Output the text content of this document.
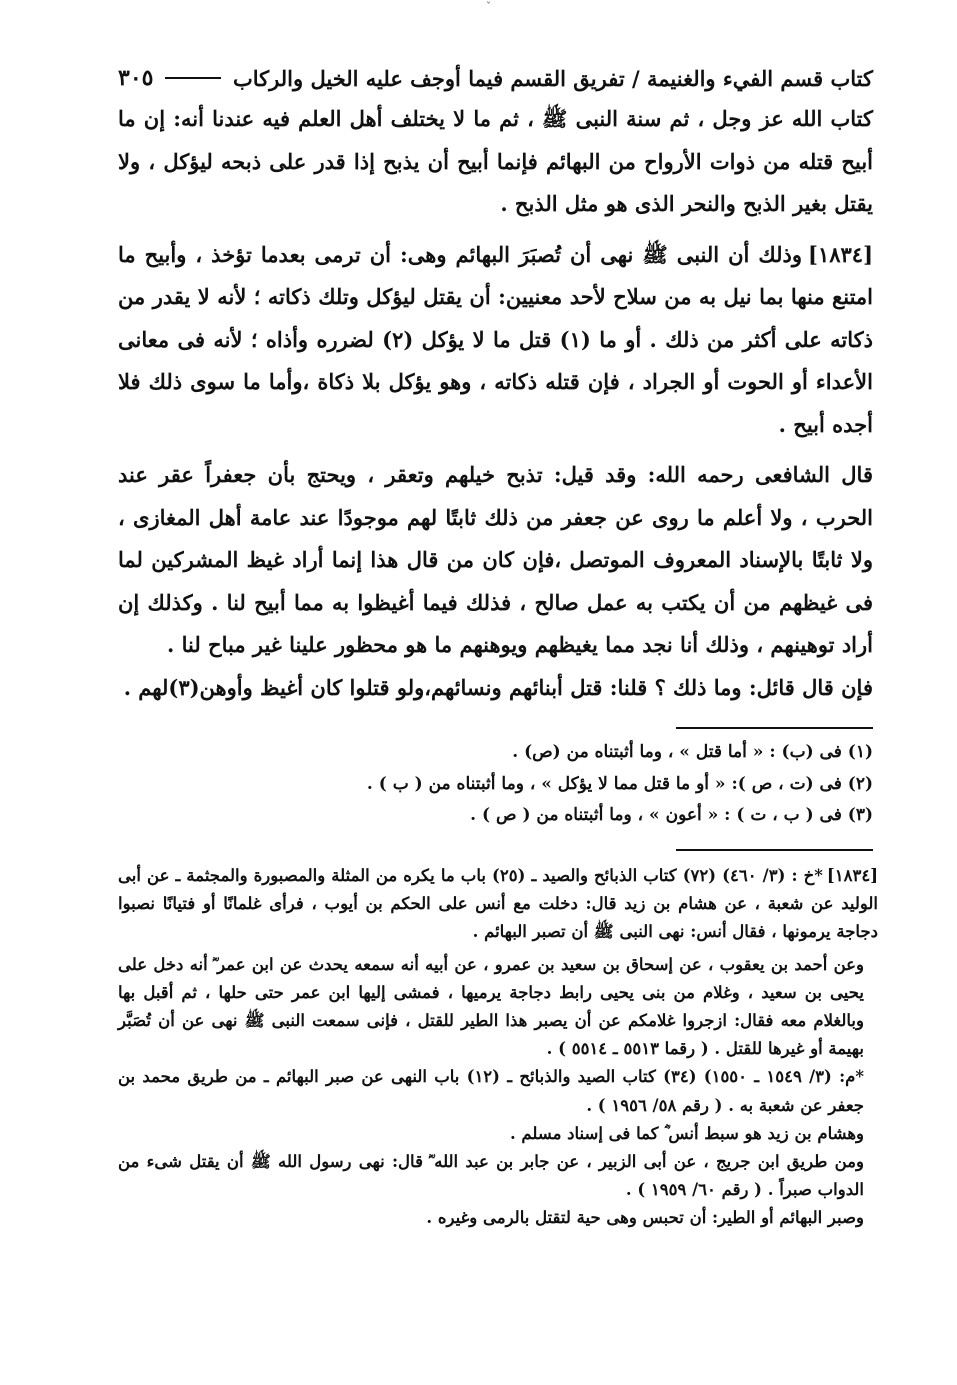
ˇ
كتاب قسم الفيء والغنيمة / تفريق القسم فيما أوجف عليه الخيل والركاب
٣٠٥

كتاب الله عز وجل ، ثم سنة النبى ﷺ ، ثم ما لا يختلف أهل العلم فيه عندنا أنه: إن ما أبيح قتله من ذوات الأرواح من البهائم فإنما أبيح أن يذبح إذا قدر على ذبحه ليؤكل ، ولا يقتل بغير الذبح والنحر الذى هو مثل الذبح .

[١٨٣٤]وذلك أن النبى ﷺ نهى أن تُصبَرَ البهائم وهى: أن ترمى بعدما تؤخذ ، وأبيح ما امتنع منها بما نيل به من سلاح لأحد معنيين: أن يقتل ليؤكل وتلك ذكاته ؛ لأنه لا يقدر من ذكاته على أكثر من ذلك . أو ما (١) قتل ما لا يؤكل (٢) لضرره وأذاه ؛ لأنه فى معانى الأعداء أو الحوت أو الجراد ، فإن قتله ذكاته ، وهو يؤكل بلا ذكاة ،وأما ما سوى ذلك فلا أجده أبيح .

قال الشافعى رحمه الله: وقد قيل: تذبح خيلهم وتعقر ، ويحتج بأن جعفراً عقر عند الحرب ، ولا أعلم ما روى عن جعفر من ذلك ثابتًا لهم موجودًا عند عامة أهل المغازى ، ولا ثابتًا بالإسناد المعروف الموتصل ،فإن كان من قال هذا إنما أراد غيظ المشركين لما فى غيظهم من أن يكتب به عمل صالح ، فذلك فيما أغيظوا به مما أبيح لنا . وكذلك إن أراد توهينهم ، وذلك أنا نجد مما يغيظهم ويوهنهم ما هو محظور علينا غير مباح لنا .

فإن قال قائل: وما ذلك ؟ قلنا: قتل أبنائهم ونسائهم،ولو قتلوا كان أغيظ وأوهن(٣)لهم .

(١) فى (ب) : « أما قتل » ، وما أثبتناه من (ص) .

(٢) فى (ت ، ص ): « أو ما قتل مما لا يؤكل » ، وما أثبتناه من ( ب ) .

(٣) فى ( ب ، ت ) : « أعون » ، وما أثبتناه من ( ص ) .

[١٨٣٤]*خ : (٣/ ٤٦٠) (٧٢) كتاب الذبائح والصيد ـ (٢٥) باب ما يكره من المثلة والمصبورة والمجثمة ـ عن أبى الوليد عن شعبة ، عن هشام بن زيد قال: دخلت مع أنس على الحكم بن أيوب ، فرأى غلمانًا أو فتيانًا نصبوا دجاجة يرمونها ، فقال أنس: نهى النبى ﷺ أن تصبر البهائم .

وعن أحمد بن يعقوب ، عن إسحاق بن سعيد بن عمرو ، عن أبيه أنه سمعه يحدث عن ابن عمر ؓ أنه دخل على يحيى بن سعيد ، وغلام من بنى يحيى رابط دجاجة يرميها ، فمشى إليها ابن عمر حتى حلها ، ثم أقبل بها وبالغلام معه فقال: ازجروا غلامكم عن أن يصبر هذا الطير للقتل ، فإنى سمعت النبى ﷺ نهى عن أن تُصَبَّر بهيمة أو غيرها للقتل . ( رقما ٥٥١٣ ـ ٥٥١٤ ) .

*م: (٣/ ١٥٤٩ ـ ١٥٥٠) (٣٤) كتاب الصيد والذبائح ـ (١٢) باب النهى عن صبر البهائم ـ من طريق محمد بن جعفر عن شعبة به . ( رقم ٥٨/ ١٩٥٦ ) .

وهشام بن زيد هو سبط أنس ؓ كما فى إسناد مسلم .

ومن طريق ابن جريج ، عن أبى الزبير ، عن جابر بن عبد الله ؓ قال: نهى رسول الله ﷺ أن يقتل شىء من الدواب صبراً . ( رقم ٦٠/ ١٩٥٩ ) .

وصبر البهائم أو الطير: أن تحبس وهى حية لتقتل بالرمى وغيره .
